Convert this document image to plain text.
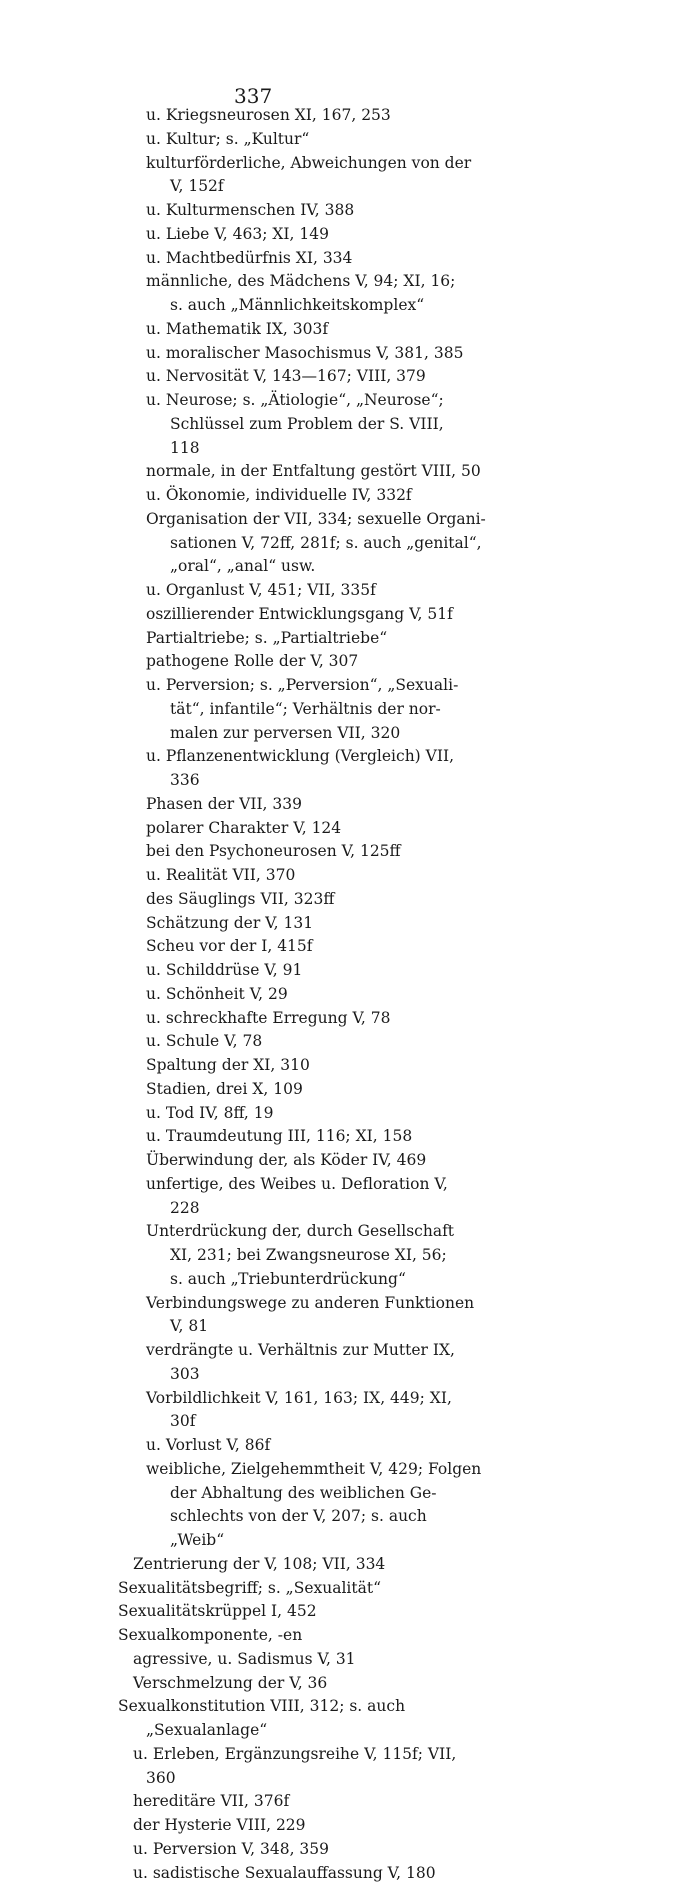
337
u. Kriegsneurosen XI, 167, 253
u. Kultur; s. „Kultur“
kulturförderliche, Abweichungen von der
V, 152f
u. Kulturmenschen IV, 388
u. Liebe V, 463; XI, 149
u. Machtbedürfnis XI, 334
männliche, des Mädchens V, 94; XI, 16;
s. auch „Männlichkeitskomplex“
u. Mathematik IX, 303f
u. moralischer Masochismus V, 381, 385
u. Nervosität V, 143—167; VIII, 379
u. Neurose; s. „Ätiologie“, „Neurose“;
Schlüssel zum Problem der S. VIII,
118
normale, in der Entfaltung gestört VIII, 50
u. Ökonomie, individuelle IV, 332f
Organisation der VII, 334; sexuelle Organi-
sationen V, 72ff, 281f; s. auch „genital“,
„oral“, „anal“ usw.
u. Organlust V, 451; VII, 335f
oszillierender Entwicklungsgang V, 51f
Partialtriebe; s. „Partialtriebe“
pathogene Rolle der V, 307
u. Perversion; s. „Perversion“, „Sexuali-
tät“, infantile“; Verhältnis der nor-
malen zur perversen VII, 320
u. Pflanzenentwicklung (Vergleich) VII,
336
Phasen der VII, 339
polarer Charakter V, 124
bei den Psychoneurosen V, 125ff
u. Realität VII, 370
des Säuglings VII, 323ff
Schätzung der V, 131
Scheu vor der I, 415f
u. Schilddrüse V, 91
u. Schönheit V, 29
u. schreckhafte Erregung V, 78
u. Schule V, 78
Spaltung der XI, 310
Stadien, drei X, 109
u. Tod IV, 8ff, 19
u. Traumdeutung III, 116; XI, 158
Überwindung der, als Köder IV, 469
unfertige, des Weibes u. Defloration V,
228
Unterdrückung der, durch Gesellschaft
XI, 231; bei Zwangsneurose XI, 56;
s. auch „Triebunterdrückung“
Verbindungswege zu anderen Funktionen
V, 81
verdrängte u. Verhältnis zur Mutter IX,
303
Vorbildlichkeit V, 161, 163; IX, 449; XI,
30f
u. Vorlust V, 86f
weibliche, Zielgehemmtheit V, 429; Folgen
der Abhaltung des weiblichen Ge-
schlechts von der V, 207; s. auch
„Weib“
Zentrierung der V, 108; VII, 334
Sexualitätsbegriff; s. „Sexualität“
Sexualitätskrüppel I, 452
Sexualkomponente, -en
agressive, u. Sadismus V, 31
Verschmelzung der V, 36
Sexualkonstitution VIII, 312; s. auch
„Sexualanlage“
u. Erleben, Ergänzungsreihe V, 115f; VII,
360
hereditäre VII, 376f
der Hysterie VIII, 229
u. Perversion V, 348, 359
u. sadistische Sexualauffassung V, 180
